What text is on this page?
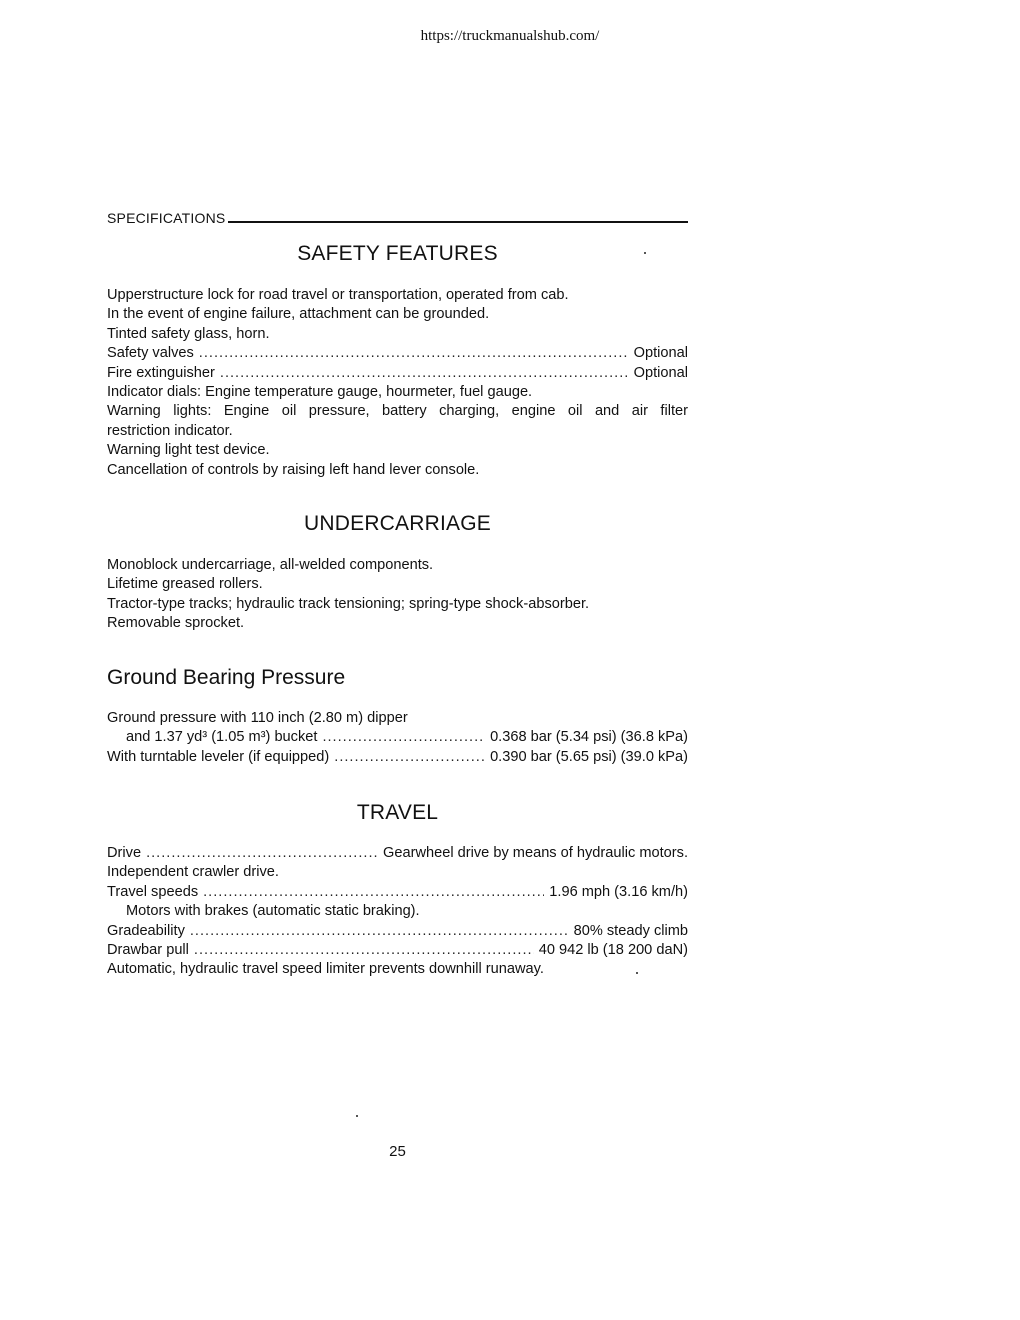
https://truckmanualshub.com/
SPECIFICATIONS
SAFETY FEATURES
Upperstructure lock for road travel or transportation, operated from cab.
In the event of engine failure, attachment can be grounded.
Tinted safety glass, horn.
Safety valves .....	Optional
Fire extinguisher .....	Optional
Indicator dials: Engine temperature gauge, hourmeter, fuel gauge.
Warning lights: Engine oil pressure, battery charging, engine oil and air filter
restriction indicator.
Warning light test device.
Cancellation of controls by raising left hand lever console.
UNDERCARRIAGE
Monoblock undercarriage, all-welded components.
Lifetime greased rollers.
Tractor-type tracks; hydraulic track tensioning; spring-type shock-absorber.
Removable sprocket.
Ground Bearing Pressure
Ground pressure with 110 inch (2.80 m) dipper
and 1.37 yd³ (1.05 m³) bucket .....	0.368 bar (5.34 psi) (36.8 kPa)
With turntable leveler (if equipped) .....	0.390 bar (5.65 psi) (39.0 kPa)
TRAVEL
Drive .....	Gearwheel drive by means of hydraulic motors.
Independent crawler drive.
Travel speeds .....	1.96 mph (3.16 km/h)
Motors with brakes (automatic static braking).
Gradeability .....	80% steady climb
Drawbar pull .....	40 942 lb (18 200 daN)
Automatic, hydraulic travel speed limiter prevents downhill runaway.
25
